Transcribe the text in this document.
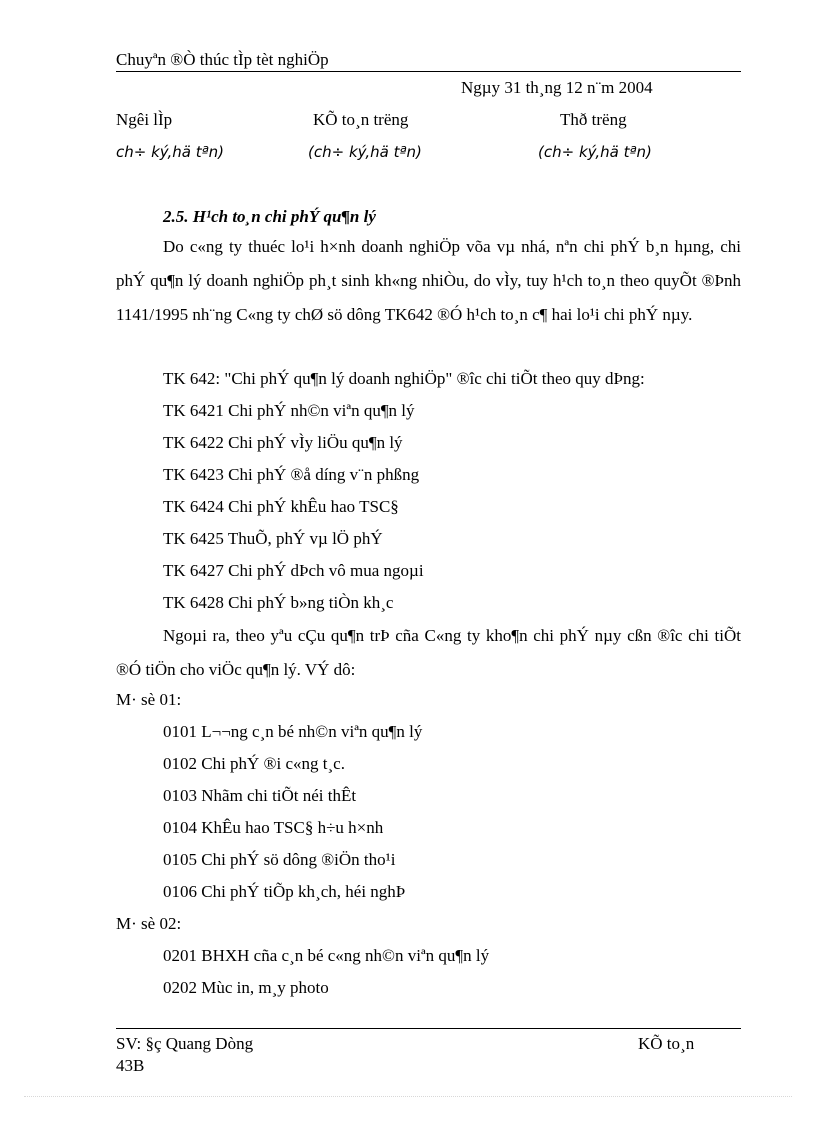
Chuyªn ®Ò thúc tÌp tèt nghiÖp
Ngµy 31 th¸ng 12 n¨m 2004
Ngêi lÌp	KÕ to¸n trëng	Thð trëng
ch÷ ký,hä tªn)	(ch÷ ký,hä tªn)	(ch÷ ký,hä tªn)
2.5. H¹ch to¸n chi phÝ qu¶n lý
Do c«ng ty thuéc lo¹i h×nh doanh nghiÖp võa vµ nhá, nªn chi phÝ b¸n hµng, chi phÝ qu¶n lý doanh nghiÖp ph¸t sinh kh«ng nhiÒu, do vÌy, tuy h¹ch to¸n theo quyÕt ®Þnh 1141/1995 nh¨ng C«ng ty chØ sö dông TK642 ®Ó h¹ch to¸n c¶ hai lo¹i chi phÝ nµy.
TK 642: "Chi phÝ qu¶n lý doanh nghiÖp" ®îc chi tiÕt theo quy dÞng:
TK 6421 Chi phÝ nh©n viªn qu¶n lý
TK 6422 Chi phÝ vÌy liÖu qu¶n lý
TK 6423 Chi phÝ ®å díng v¨n phßng
TK 6424 Chi phÝ khÊu hao TSC§
TK 6425 ThuÕ, phÝ vµ lÖ phÝ
TK 6427 Chi phÝ dÞch vô mua ngoµi
TK 6428 Chi phÝ b»ng tiÒn kh¸c
Ngoµi ra, theo yªu cÇu qu¶n trÞ cña C«ng ty kho¶n chi phÝ nµy cßn ®îc chi tiÕt ®Ó tiÖn cho viÖc qu¶n lý. VÝ dô:
M· sè 01:
0101 L¬¬ng c¸n bé nh©n viªn qu¶n lý
0102 Chi phÝ ®i c«ng t¸c.
0103 Nhãm chi tiÕt néi thÊt
0104 KhÊu hao TSC§ h÷u h×nh
0105 Chi phÝ sö dông ®iÖn tho¹i
0106 Chi phÝ tiÕp kh¸ch, héi nghÞ
M· sè 02:
0201 BHXH cña c¸n bé c«ng nh©n viªn qu¶n lý
0202 Mùc in, m¸y photo
SV: §ç Quang Dòng	KÕ to¸n
43B
